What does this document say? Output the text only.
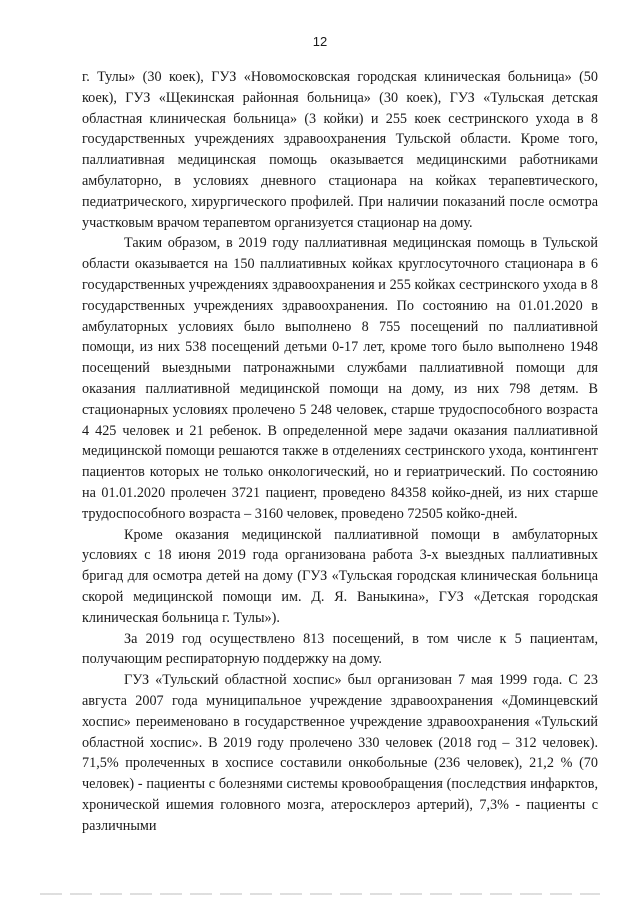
12

г. Тулы» (30 коек), ГУЗ «Новомосковская городская клиническая больница» (50 коек), ГУЗ «Щекинская районная больница» (30 коек), ГУЗ «Тульская детская областная клиническая больница» (3 койки) и 255 коек сестринского ухода в 8 государственных учреждениях здравоохранения Тульской области. Кроме того, паллиативная медицинская помощь оказывается медицинскими работниками амбулаторно, в условиях дневного стационара на койках терапевтического, педиатрического, хирургического профилей. При наличии показаний после осмотра участковым врачом терапевтом организуется стационар на дому.

Таким образом, в 2019 году паллиативная медицинская помощь в Тульской области оказывается на 150 паллиативных койках круглосуточного стационара в 6 государственных учреждениях здравоохранения и 255 койках сестринского ухода в 8 государственных учреждениях здравоохранения. По состоянию на 01.01.2020 в амбулаторных условиях было выполнено 8 755 посещений по паллиативной помощи, из них 538 посещений детьми 0-17 лет, кроме того было выполнено 1948 посещений выездными патронажными службами паллиативной помощи для оказания паллиативной медицинской помощи на дому, из них 798 детям. В стационарных условиях пролечено 5 248 человек, старше трудоспособного возраста 4 425 человек и 21 ребенок. В определенной мере задачи оказания паллиативной медицинской помощи решаются также в отделениях сестринского ухода, контингент пациентов которых не только онкологический, но и гериатрический. По состоянию на 01.01.2020 пролечен 3721 пациент, проведено 84358 койко-дней, из них старше трудоспособного возраста – 3160 человек, проведено 72505 койко-дней.

Кроме оказания медицинской паллиативной помощи в амбулаторных условиях с 18 июня 2019 года организована работа 3-х выездных паллиативных бригад для осмотра детей на дому (ГУЗ «Тульская городская клиническая больница скорой медицинской помощи им. Д. Я. Ваныкина», ГУЗ «Детская городская клиническая больница г. Тулы»).

За 2019 год осуществлено 813 посещений, в том числе к 5 пациентам, получающим респираторную поддержку на дому.

ГУЗ «Тульский областной хоспис» был организован 7 мая 1999 года. С 23 августа 2007 года муниципальное учреждение здравоохранения «Доминцевский хоспис» переименовано в государственное учреждение здравоохранения «Тульский областной хоспис». В 2019 году пролечено 330 человек (2018 год – 312 человек). 71,5% пролеченных в хосписе составили онкобольные (236 человек), 21,2 % (70 человек) - пациенты с болезнями системы кровообращения (последствия инфарктов, хронической ишемия головного мозга, атеросклероз артерий), 7,3% - пациенты с различными
